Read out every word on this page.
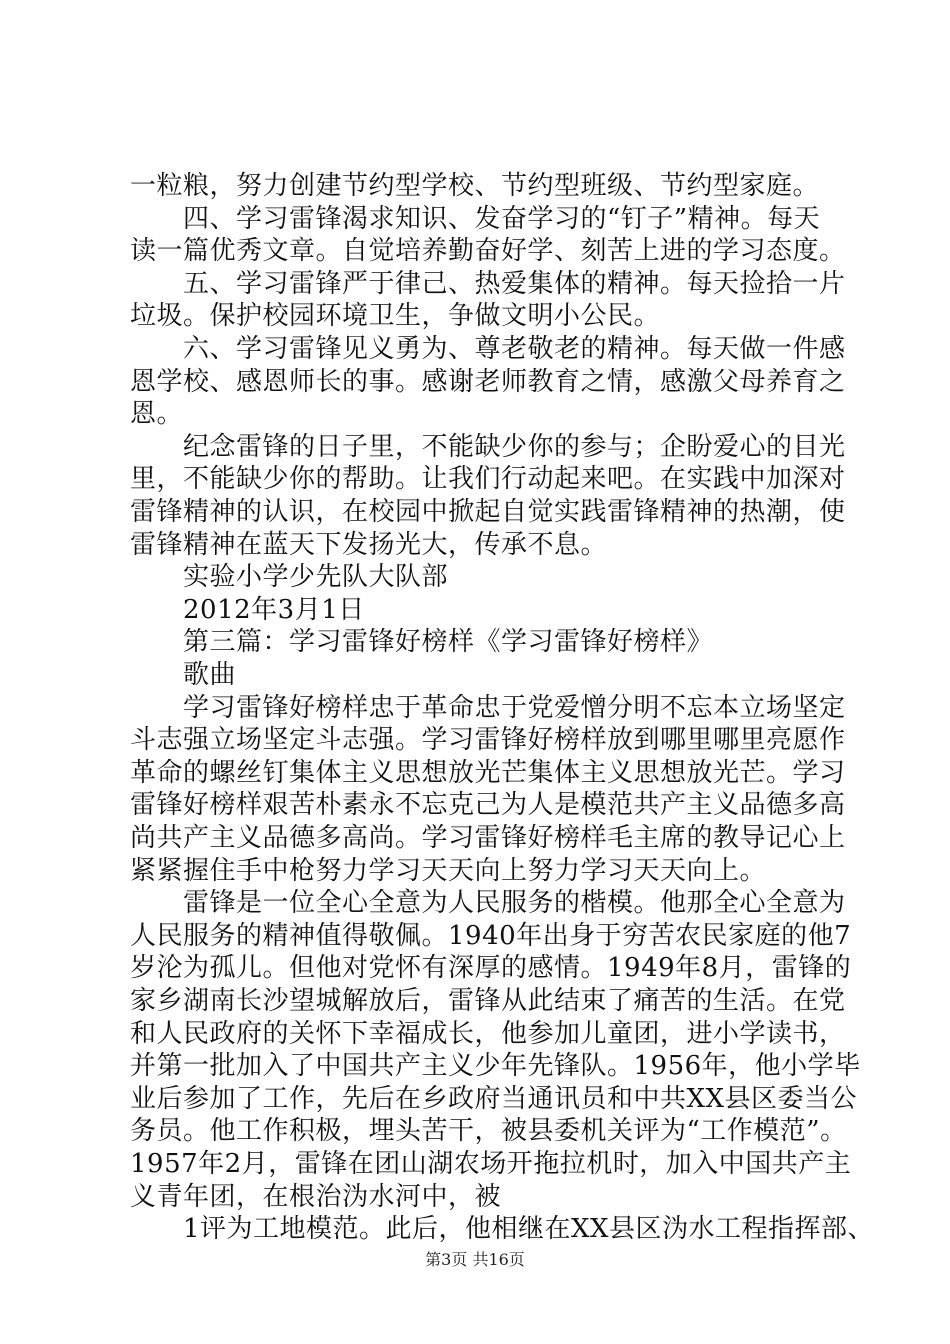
一粒粮，努力创建节约型学校、节约型班级、节约型家庭。
　　四、学习雷锋渴求知识、发奋学习的“钉子”精神。每天
读一篇优秀文章。自觉培养勤奋好学、刻苦上进的学习态度。
　　五、学习雷锋严于律己、热爱集体的精神。每天捡拾一片
垃圾。保护校园环境卫生，争做文明小公民。
　　六、学习雷锋见义勇为、尊老敬老的精神。每天做一件感
恩学校、感恩师长的事。感谢老师教育之情，感激父母养育之
恩。
　　纪念雷锋的日子里，不能缺少你的参与；企盼爱心的目光
里，不能缺少你的帮助。让我们行动起来吧。在实践中加深对
雷锋精神的认识，在校园中掀起自觉实践雷锋精神的热潮，使
雷锋精神在蓝天下发扬光大，传承不息。
　　实验小学少先队大队部
　　2012年3月1日
　　第三篇：学习雷锋好榜样《学习雷锋好榜样》
　　歌曲
　　学习雷锋好榜样忠于革命忠于党爱憎分明不忘本立场坚定
斗志强立场坚定斗志强。学习雷锋好榜样放到哪里哪里亮愿作
革命的螺丝钉集体主义思想放光芒集体主义思想放光芒。学习
雷锋好榜样艰苦朴素永不忘克己为人是模范共产主义品德多高
尚共产主义品德多高尚。学习雷锋好榜样毛主席的教导记心上
紧紧握住手中枪努力学习天天向上努力学习天天向上。
　　雷锋是一位全心全意为人民服务的楷模。他那全心全意为
人民服务的精神值得敬佩。1940年出身于穷苦农民家庭的他7
岁沦为孤儿。但他对党怀有深厚的感情。1949年8月，雷锋的
家乡湖南长沙望城解放后，雷锋从此结束了痛苦的生活。在党
和人民政府的关怀下幸福成长，他参加儿童团，进小学读书，
并第一批加入了中国共产主义少年先锋队。1956年，他小学毕
业后参加了工作，先后在乡政府当通讯员和中共XX县区委当公
务员。他工作积极，埋头苦干，被县委机关评为“工作模范”。
1957年2月，雷锋在团山湖农场开拖拉机时，加入中国共产主
义青年团，在根治沩水河中，被
　　1评为工地模范。此后，他相继在XX县区沩水工程指挥部、
第3页 共16页
